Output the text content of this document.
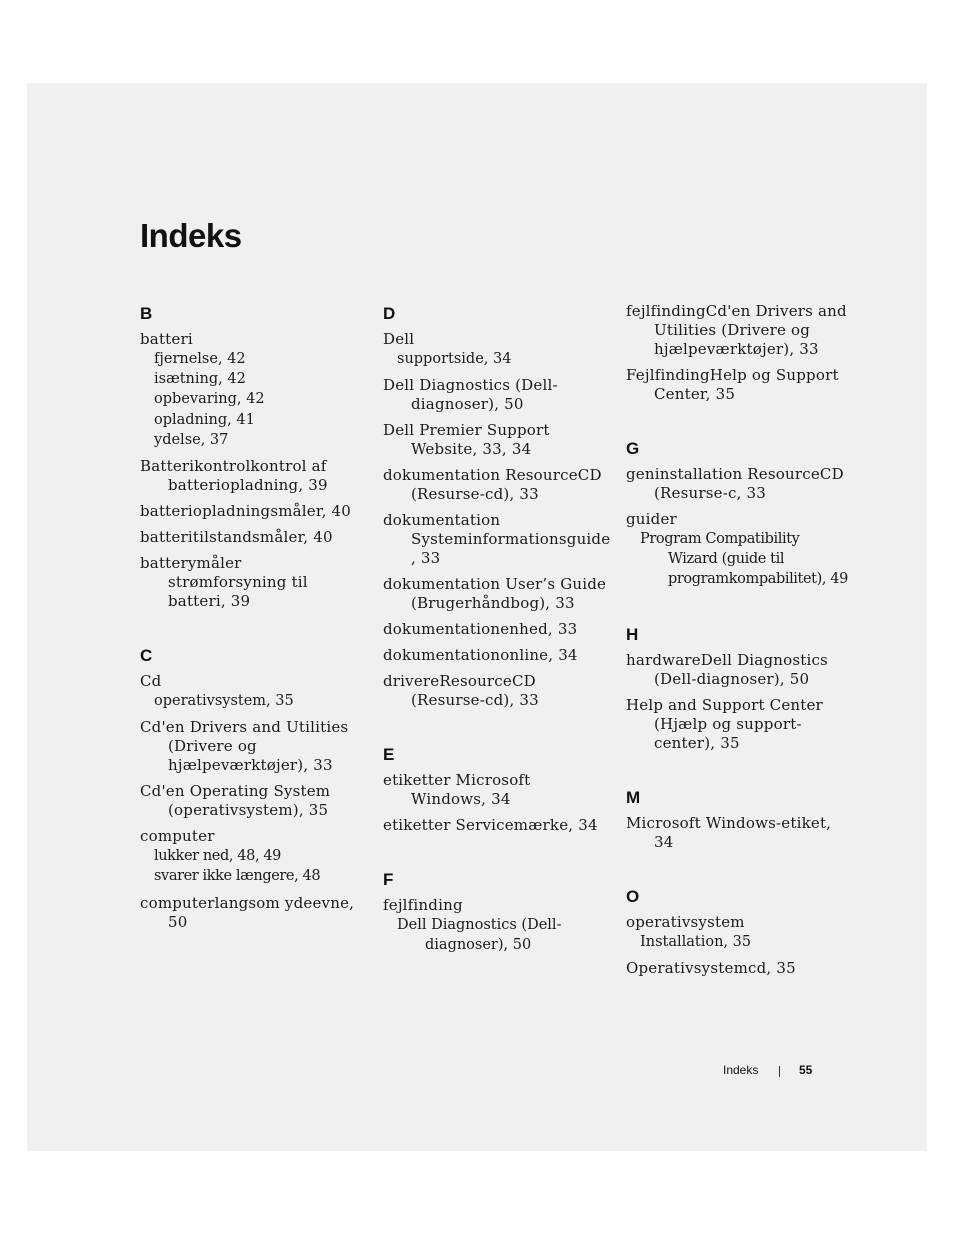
Indeks
B
batteri
fjernelse, 42
isætning, 42
opbevaring, 42
opladning, 41
ydelse, 37
Batterikontrolkontrol af batteriopladning, 39
batteriopladningsmåler, 40
batteritilstandsmåler, 40
batterymåler strømforsyning til batteri, 39
C
Cd
operativsystem, 35
Cd'en Drivers and Utilities (Drivere og hjælpeværktøjer), 33
Cd'en Operating System (operativsystem), 35
computer
lukker ned, 48, 49
svarer ikke længere, 48
computerlangsom ydeevne, 50
D
Dell
supportside, 34
Dell Diagnostics (Dell-diagnoser), 50
Dell Premier Support Website, 33, 34
dokumentation ResourceCD (Resurse-cd), 33
dokumentation Systeminformationsguide , 33
dokumentation User’s Guide (Brugerhåndbog), 33
dokumentationenhed, 33
dokumentationonline, 34
drivereResourceCD (Resurse-cd), 33
E
etiketter Microsoft Windows, 34
etiketter Servicemærke, 34
F
fejlfinding
Dell Diagnostics (Dell-diagnoser), 50
fejlfindingCd'en Drivers and Utilities (Drivere og hjælpeværktøjer), 33
FejlfindingHelp og Support Center, 35
G
geninstallation ResourceCD (Resurse-c, 33
guider
Program Compatibility Wizard (guide til programkompabilitet), 49
H
hardwareDell Diagnostics (Dell-diagnoser), 50
Help and Support Center (Hjælp og support-center), 35
M
Microsoft Windows-etiket, 34
O
operativsystem
Installation, 35
Operativsystemcd, 35
Indeks	55
